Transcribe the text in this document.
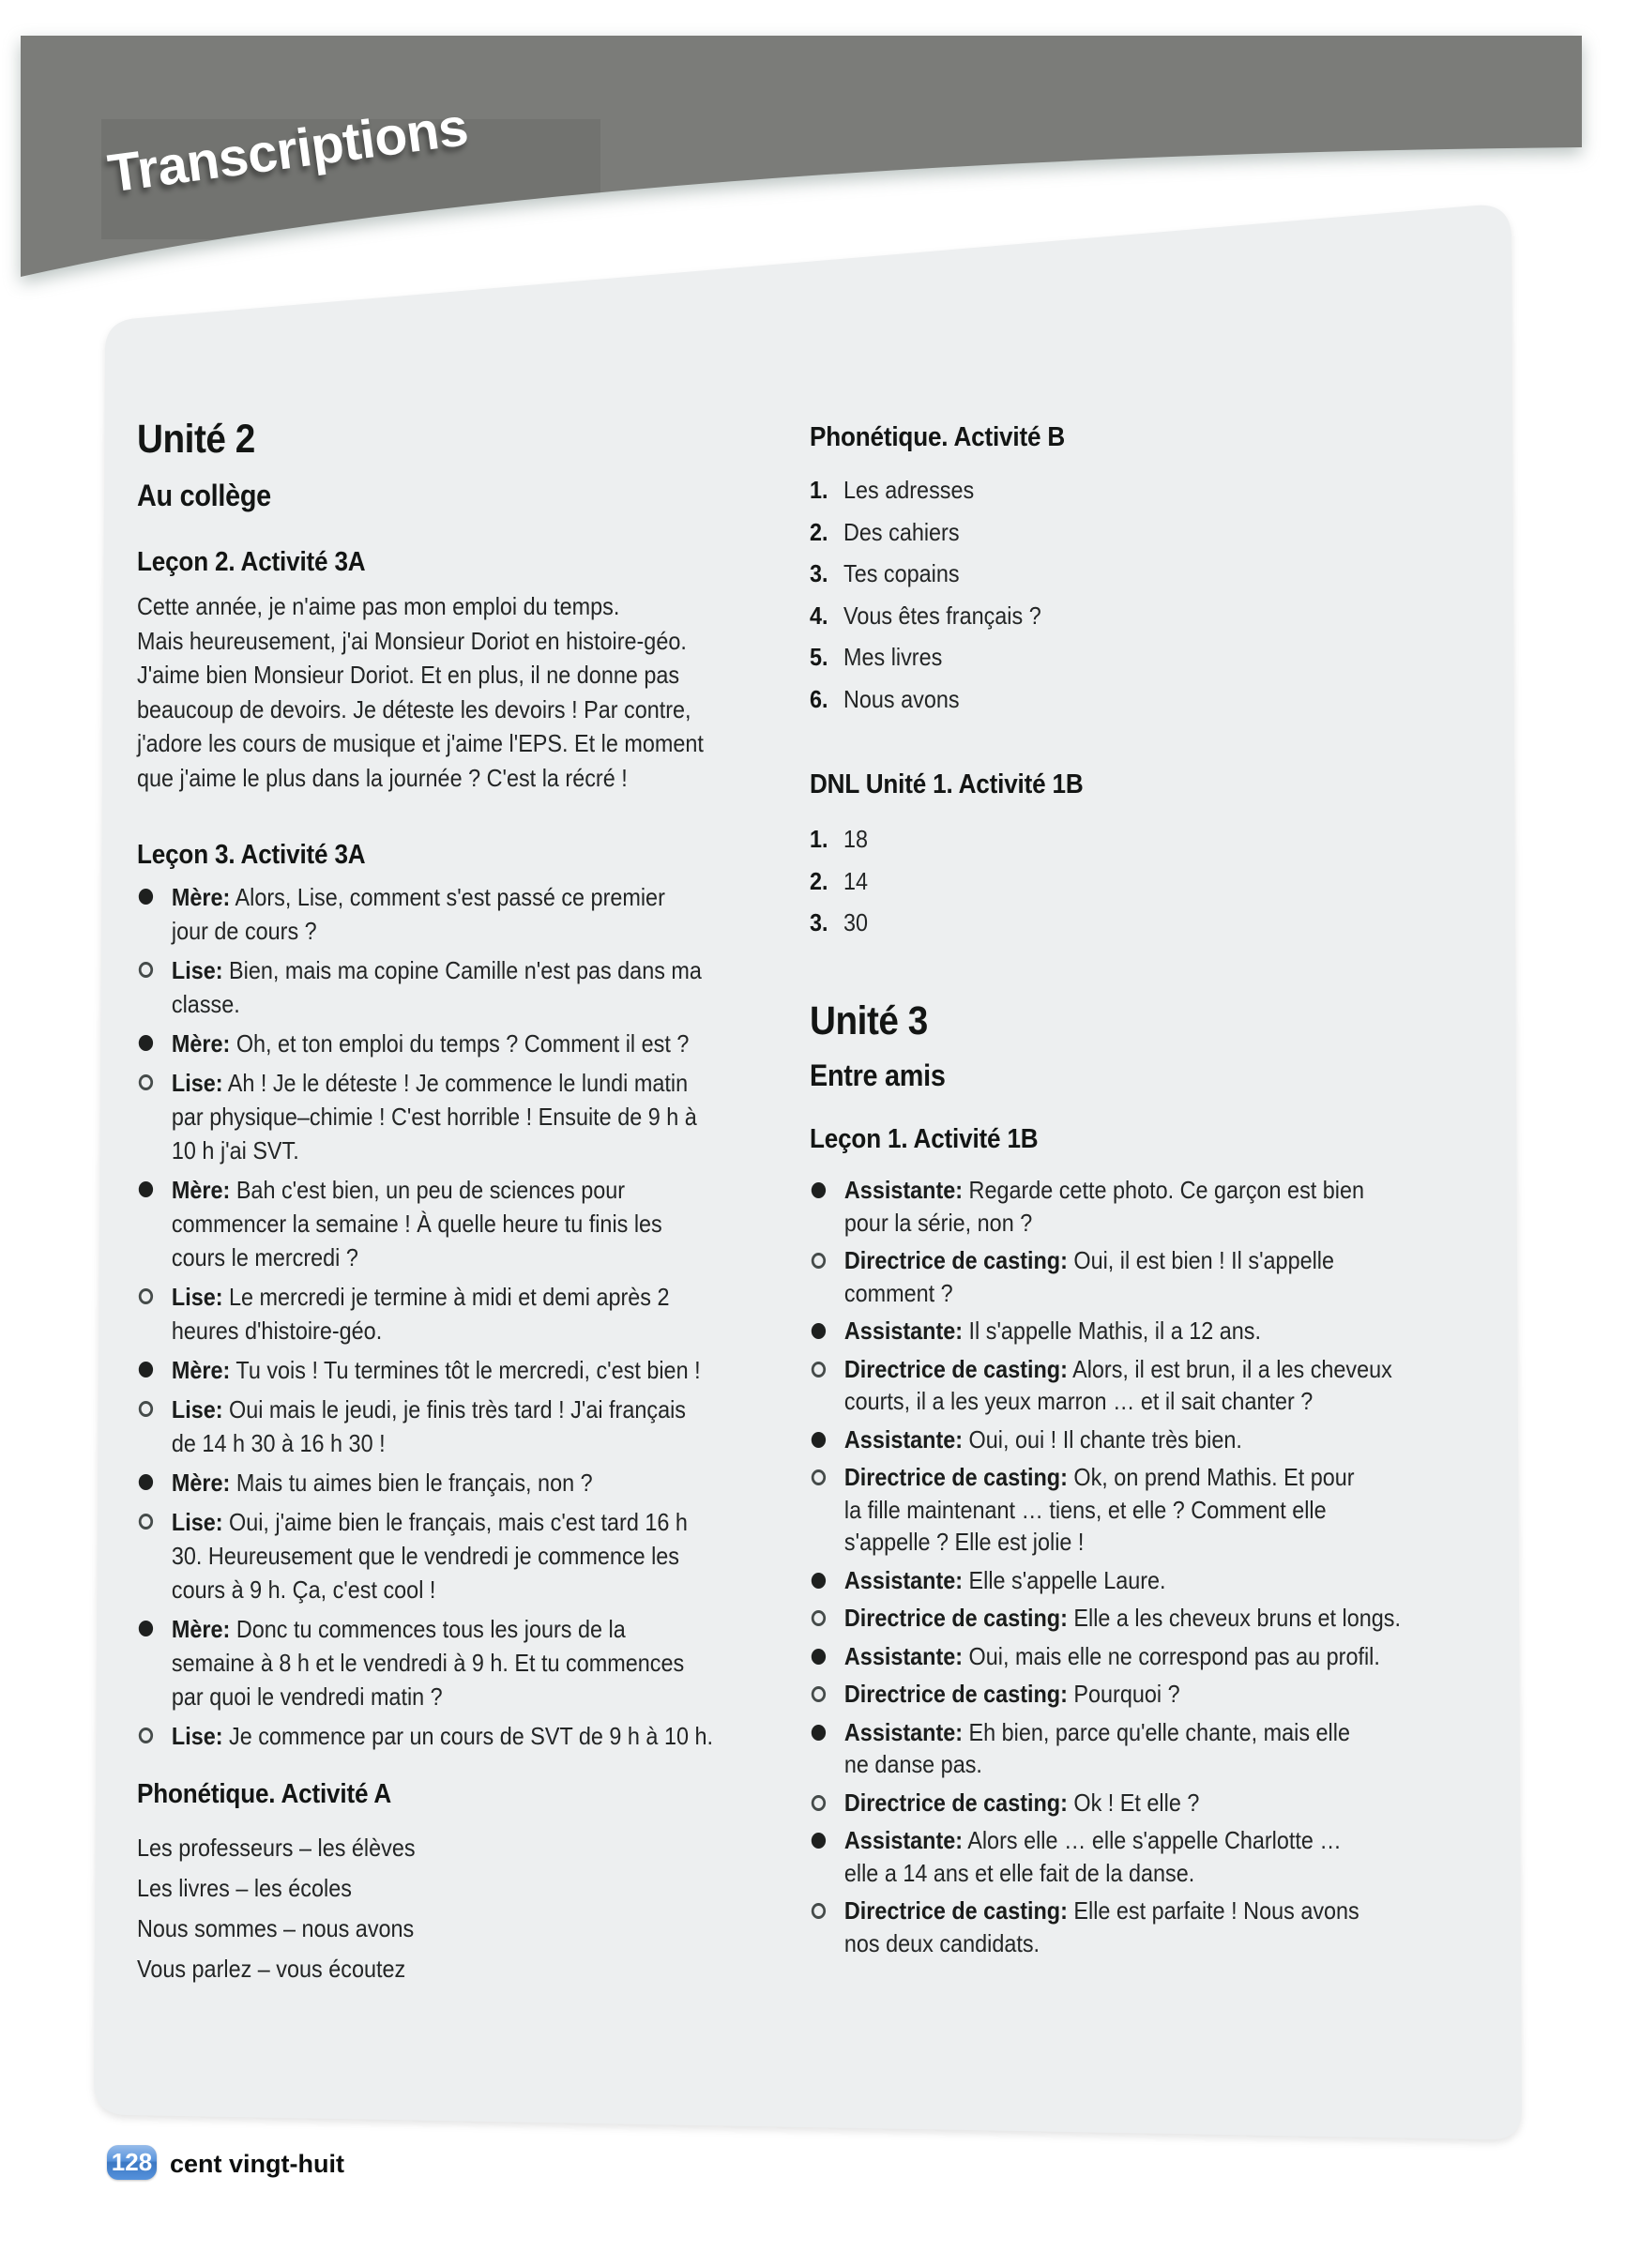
Transcriptions
Unité 2
Au collège
Leçon 2. Activité 3A
Cette année, je n'aime pas mon emploi du temps.
Mais heureusement, j'ai Monsieur Doriot en histoire-géo.
J'aime bien Monsieur Doriot. Et en plus, il ne donne pas
beaucoup de devoirs. Je déteste les devoirs ! Par contre,
j'adore les cours de musique et j'aime l'EPS. Et le moment
que j'aime le plus dans la journée ? C'est la récré !
Leçon 3. Activité 3A
Mère: Alors, Lise, comment s'est passé ce premier
jour de cours ?
Lise: Bien, mais ma copine Camille n'est pas dans ma
classe.
Mère: Oh, et ton emploi du temps ? Comment il est ?
Lise: Ah ! Je le déteste ! Je commence le lundi matin
par physique–chimie ! C'est horrible ! Ensuite de 9 h à
10 h j'ai SVT.
Mère: Bah c'est bien, un peu de sciences pour
commencer la semaine ! À quelle heure tu finis les
cours le mercredi ?
Lise: Le mercredi je termine à midi et demi après 2
heures d'histoire-géo.
Mère: Tu vois ! Tu termines tôt le mercredi, c'est bien !
Lise: Oui mais le jeudi, je finis très tard ! J'ai français
de 14 h 30 à 16 h 30 !
Mère: Mais tu aimes bien le français, non ?
Lise: Oui, j'aime bien le français, mais c'est tard 16 h
30. Heureusement que le vendredi je commence les
cours à 9 h. Ça, c'est cool !
Mère: Donc tu commences tous les jours de la
semaine à 8 h et le vendredi à 9 h. Et tu commences
par quoi le vendredi matin ?
Lise: Je commence par un cours de SVT de 9 h à 10 h.
Phonétique. Activité A
Les professeurs – les élèves
Les livres – les écoles
Nous sommes – nous avons
Vous parlez – vous écoutez
Phonétique. Activité B
1. Les adresses
2. Des cahiers
3. Tes copains
4. Vous êtes français ?
5. Mes livres
6. Nous avons
DNL Unité 1. Activité 1B
1. 18
2. 14
3. 30
Unité 3
Entre amis
Leçon 1. Activité 1B
Assistante: Regarde cette photo. Ce garçon est bien
pour la série, non ?
Directrice de casting: Oui, il est bien ! Il s'appelle
comment ?
Assistante: Il s'appelle Mathis, il a 12 ans.
Directrice de casting: Alors, il est brun, il a les cheveux
courts, il a les yeux marron … et il sait chanter ?
Assistante: Oui, oui ! Il chante très bien.
Directrice de casting: Ok, on prend Mathis. Et pour
la fille maintenant … tiens, et elle ? Comment elle
s'appelle ? Elle est jolie !
Assistante: Elle s'appelle Laure.
Directrice de casting: Elle a les cheveux bruns et longs.
Assistante: Oui, mais elle ne correspond pas au profil.
Directrice de casting: Pourquoi ?
Assistante: Eh bien, parce qu'elle chante, mais elle
ne danse pas.
Directrice de casting: Ok ! Et elle ?
Assistante: Alors elle … elle s'appelle Charlotte …
elle a 14 ans et elle fait de la danse.
Directrice de casting: Elle est parfaite ! Nous avons
nos deux candidats.
128 cent vingt-huit
